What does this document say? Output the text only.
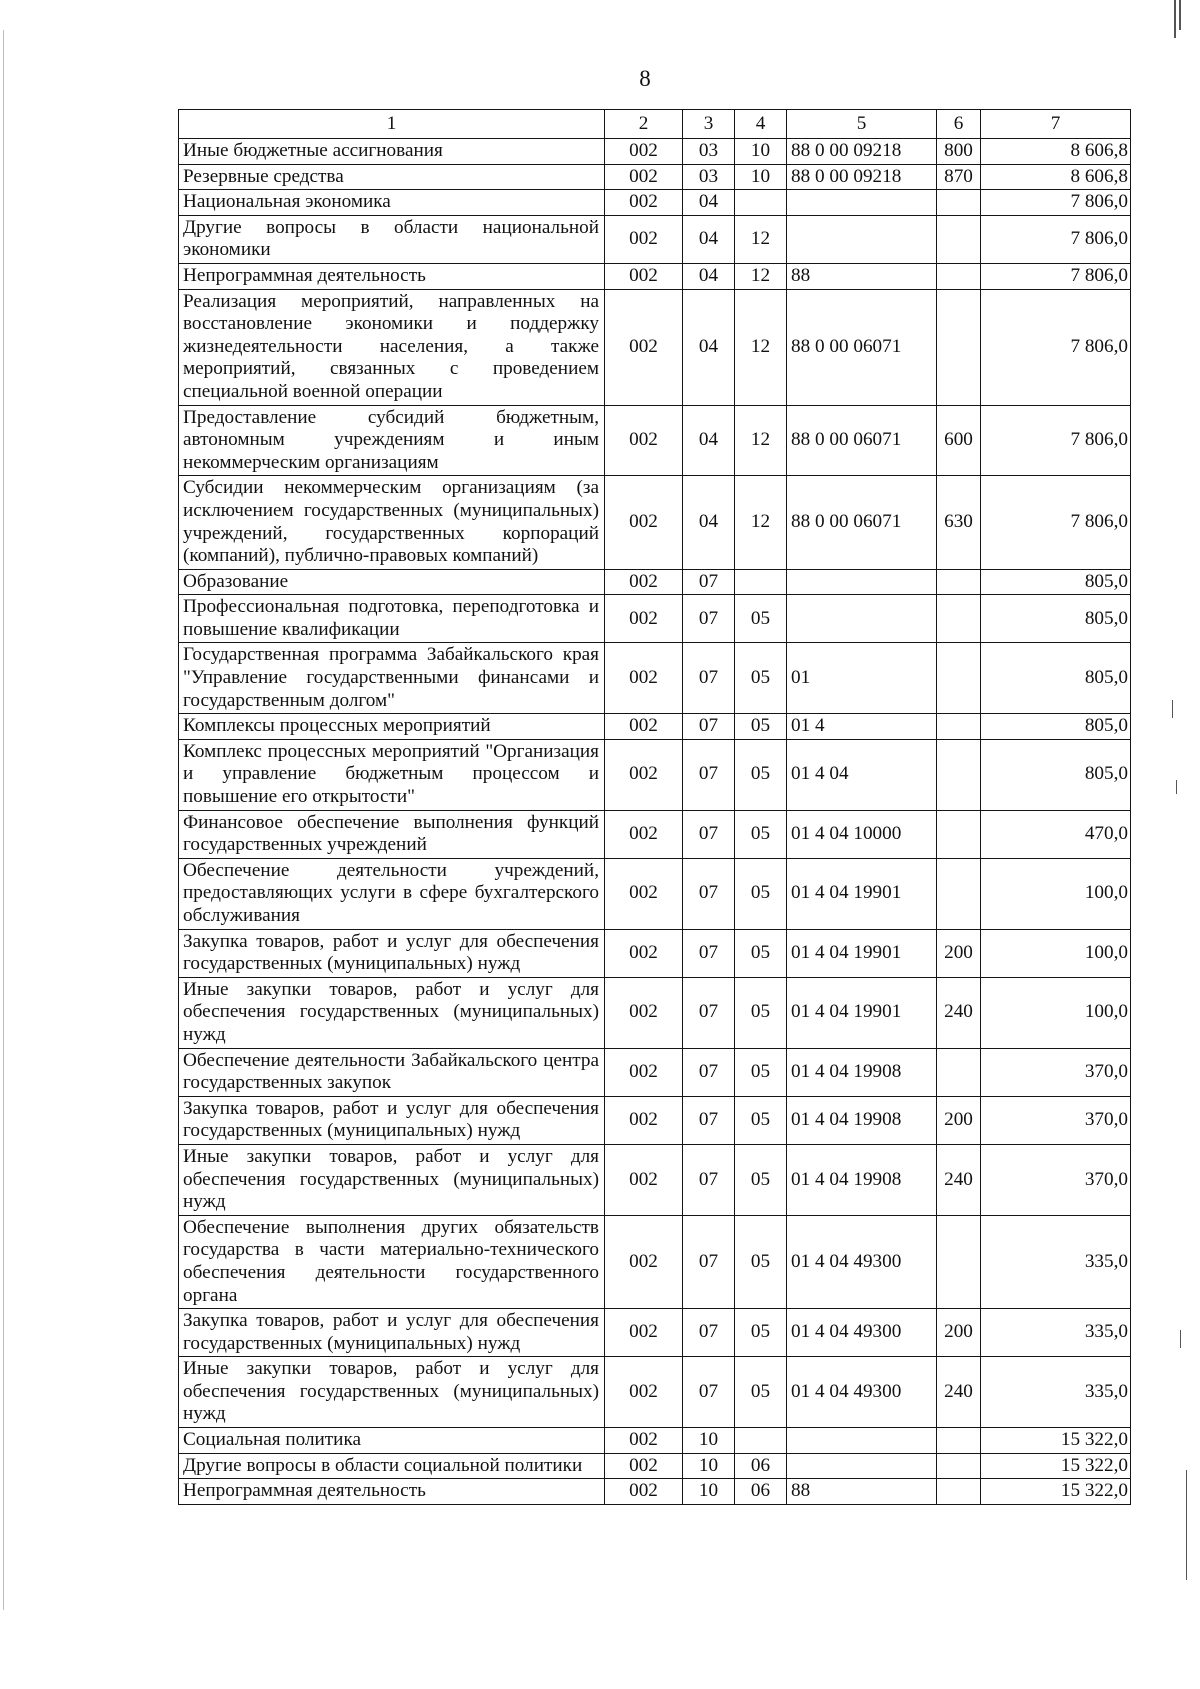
8
1	2	3	4	5	6	7
Иные бюджетные ассигнования	002	03	10	88 0 00 09218	800	8 606,8
Резервные средства	002	03	10	88 0 00 09218	870	8 606,8
Национальная экономика	002	04				7 806,0
Другие вопросы в области национальной экономики	002	04	12			7 806,0
Непрограммная деятельность	002	04	12	88		7 806,0
Реализация мероприятий, направленных на восстановление экономики и поддержку жизнедеятельности населения, а также мероприятий, связанных с проведением специальной военной операции	002	04	12	88 0 00 06071		7 806,0
Предоставление субсидий бюджетным, автономным учреждениям и иным некоммерческим организациям	002	04	12	88 0 00 06071	600	7 806,0
Субсидии некоммерческим организациям (за исключением государственных (муниципальных) учреждений, государственных корпораций (компаний), публично-правовых компаний)	002	04	12	88 0 00 06071	630	7 806,0
Образование	002	07				805,0
Профессиональная подготовка, переподготовка и повышение квалификации	002	07	05			805,0
Государственная программа Забайкальского края "Управление государственными финансами и государственным долгом"	002	07	05	01		805,0
Комплексы процессных мероприятий	002	07	05	01 4		805,0
Комплекс процессных мероприятий "Организация и управление бюджетным процессом и повышение его открытости"	002	07	05	01 4 04		805,0
Финансовое обеспечение выполнения функций государственных учреждений	002	07	05	01 4 04 10000		470,0
Обеспечение деятельности учреждений, предоставляющих услуги в сфере бухгалтерского обслуживания	002	07	05	01 4 04 19901		100,0
Закупка товаров, работ и услуг для обеспечения государственных (муниципальных) нужд	002	07	05	01 4 04 19901	200	100,0
Иные закупки товаров, работ и услуг для обеспечения государственных (муниципальных) нужд	002	07	05	01 4 04 19901	240	100,0
Обеспечение деятельности Забайкальского центра государственных закупок	002	07	05	01 4 04 19908		370,0
Закупка товаров, работ и услуг для обеспечения государственных (муниципальных) нужд	002	07	05	01 4 04 19908	200	370,0
Иные закупки товаров, работ и услуг для обеспечения государственных (муниципальных) нужд	002	07	05	01 4 04 19908	240	370,0
Обеспечение выполнения других обязательств государства в части материально-технического обеспечения деятельности государственного органа	002	07	05	01 4 04 49300		335,0
Закупка товаров, работ и услуг для обеспечения государственных (муниципальных) нужд	002	07	05	01 4 04 49300	200	335,0
Иные закупки товаров, работ и услуг для обеспечения государственных (муниципальных) нужд	002	07	05	01 4 04 49300	240	335,0
Социальная политика	002	10				15 322,0
Другие вопросы в области социальной политики	002	10	06			15 322,0
Непрограммная деятельность	002	10	06	88		15 322,0
